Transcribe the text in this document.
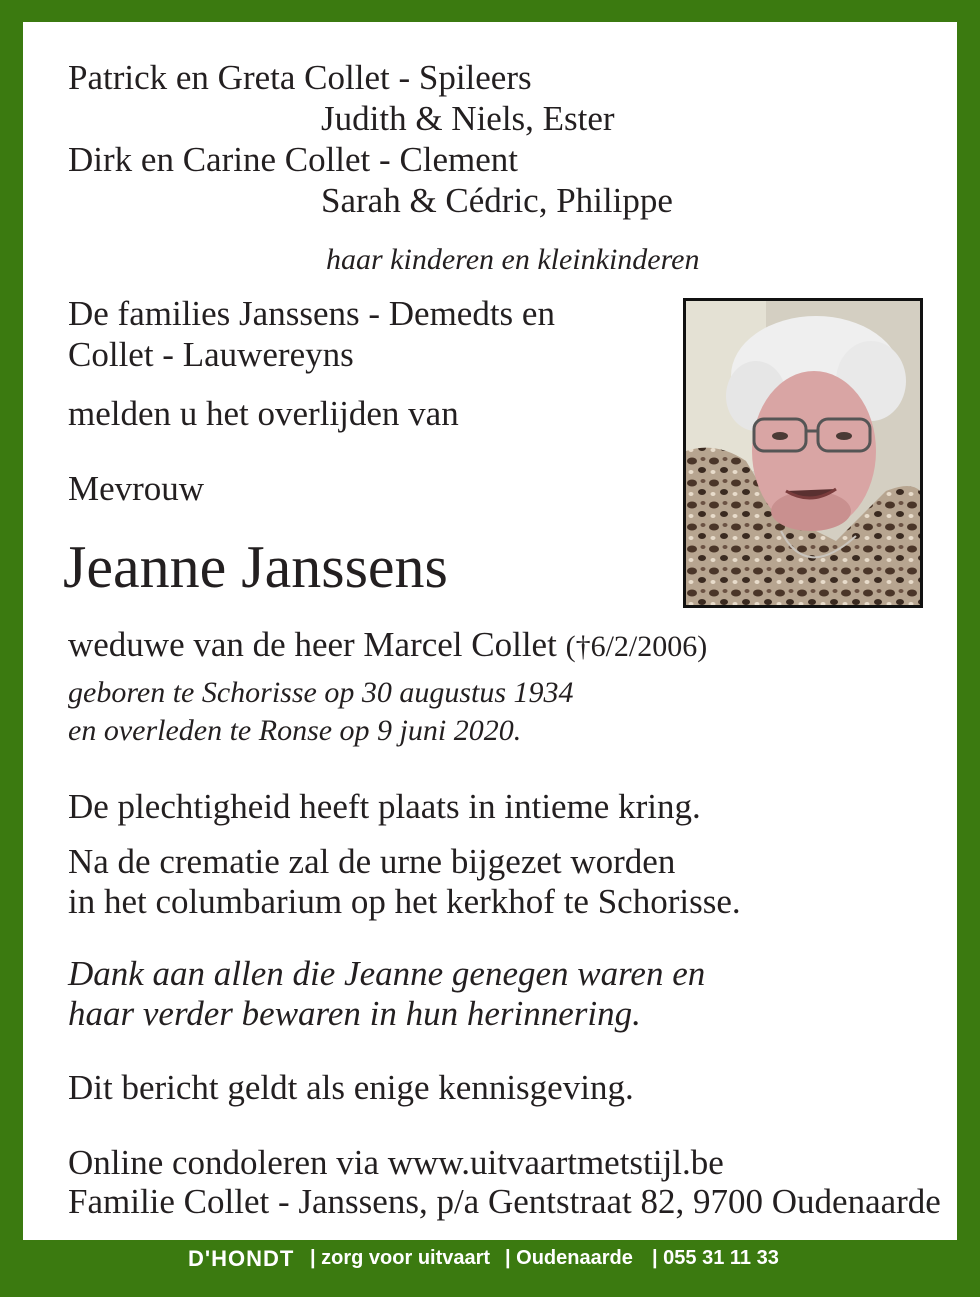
Patrick en Greta Collet - Spileers
Judith & Niels, Ester
Dirk en Carine Collet - Clement
Sarah & Cédric, Philippe
haar kinderen en kleinkinderen
De families Janssens - Demedts en
Collet - Lauwereyns
melden u het overlijden van
Mevrouw
Jeanne Janssens
weduwe van de heer Marcel Collet (†6/2/2006)
geboren te Schorisse op 30 augustus 1934
en overleden te Ronse op 9 juni 2020.
De plechtigheid heeft plaats in intieme kring.
Na de crematie zal de urne bijgezet worden
in het columbarium op het kerkhof te Schorisse.
Dank aan allen die Jeanne genegen waren en
haar verder bewaren in hun herinnering.
Dit bericht geldt als enige kennisgeving.
Online condoleren via www.uitvaartmetstijl.be
Familie Collet - Janssens, p/a Gentstraat 82, 9700 Oudenaarde
D'HONDT | zorg voor uitvaart | Oudenaarde | 055 31 11 33
